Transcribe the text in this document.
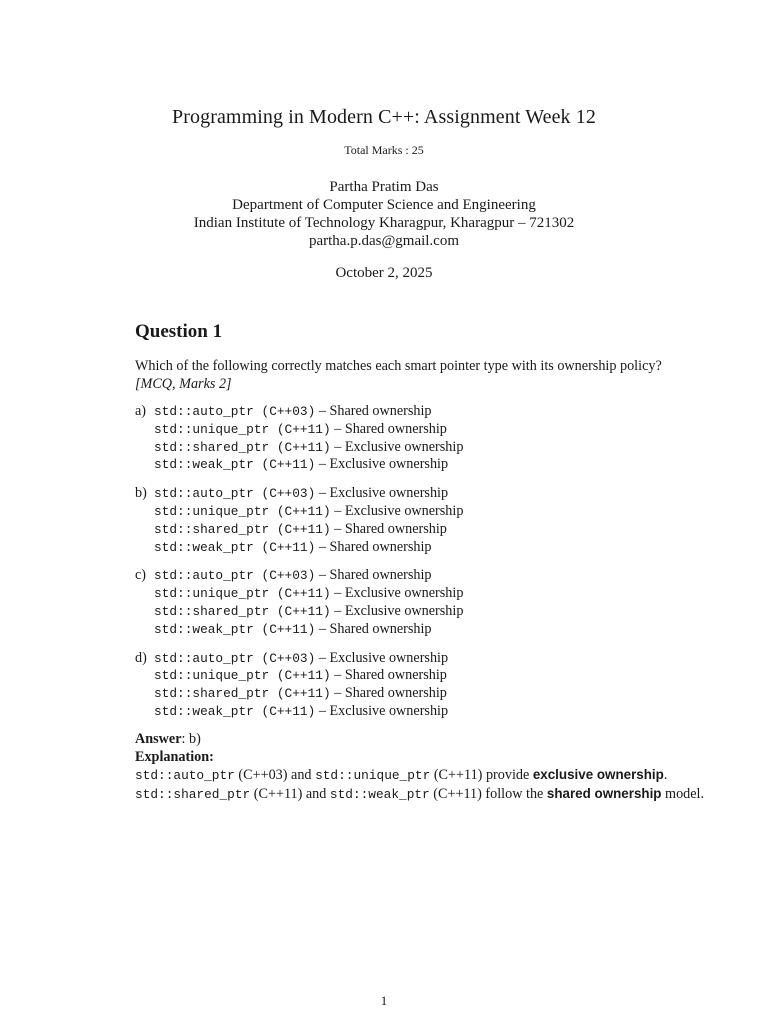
Programming in Modern C++: Assignment Week 12
Total Marks : 25
Partha Pratim Das
Department of Computer Science and Engineering
Indian Institute of Technology Kharagpur, Kharagpur – 721302
partha.p.das@gmail.com
October 2, 2025
Question 1
Which of the following correctly matches each smart pointer type with its ownership policy?
[MCQ, Marks 2]
a) std::auto_ptr (C++03) – Shared ownership
std::unique_ptr (C++11) – Shared ownership
std::shared_ptr (C++11) – Exclusive ownership
std::weak_ptr (C++11) – Exclusive ownership
b) std::auto_ptr (C++03) – Exclusive ownership
std::unique_ptr (C++11) – Exclusive ownership
std::shared_ptr (C++11) – Shared ownership
std::weak_ptr (C++11) – Shared ownership
c) std::auto_ptr (C++03) – Shared ownership
std::unique_ptr (C++11) – Exclusive ownership
std::shared_ptr (C++11) – Exclusive ownership
std::weak_ptr (C++11) – Shared ownership
d) std::auto_ptr (C++03) – Exclusive ownership
std::unique_ptr (C++11) – Shared ownership
std::shared_ptr (C++11) – Shared ownership
std::weak_ptr (C++11) – Exclusive ownership
Answer: b)
Explanation:
std::auto_ptr (C++03) and std::unique_ptr (C++11) provide exclusive ownership.
std::shared_ptr (C++11) and std::weak_ptr (C++11) follow the shared ownership model.
1
